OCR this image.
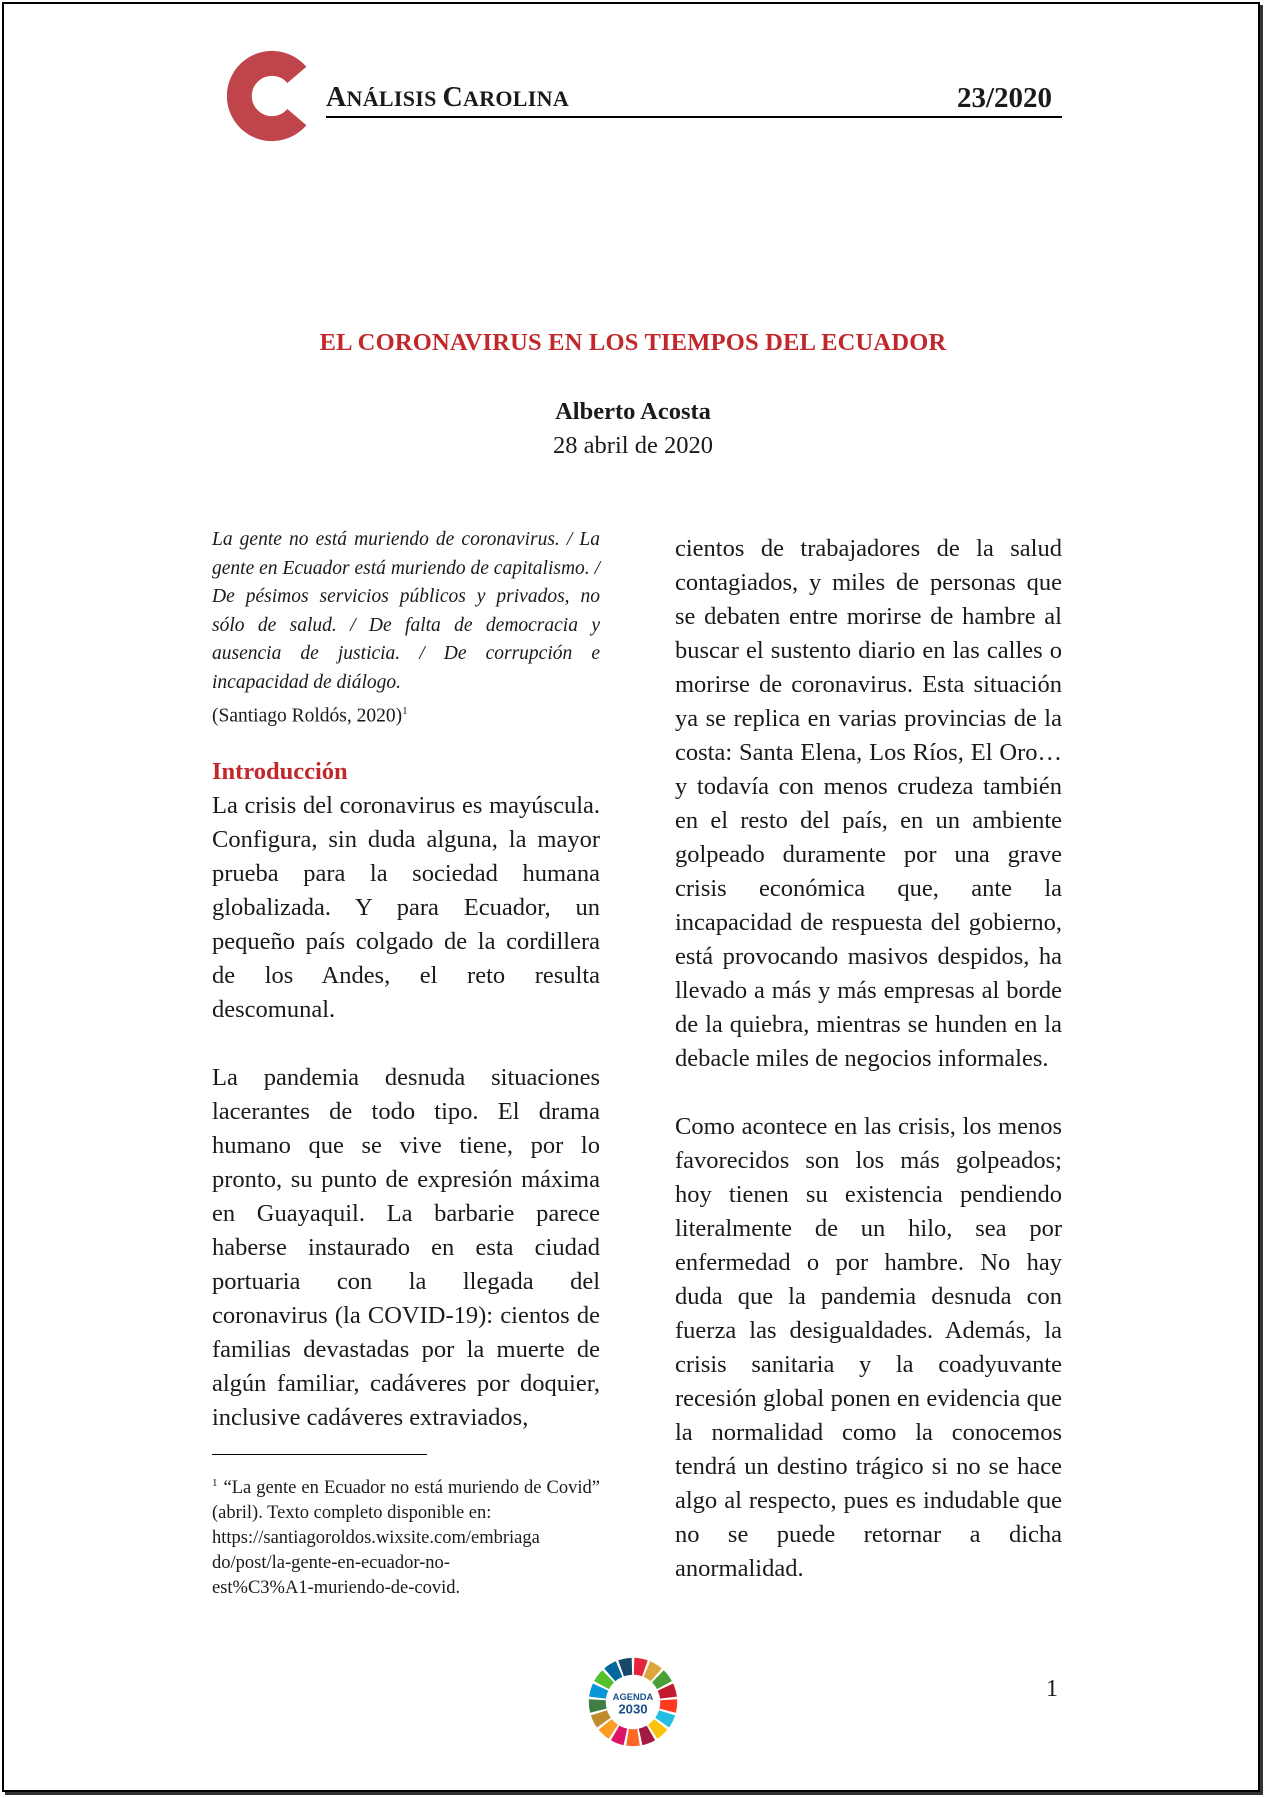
ANÁLISIS CAROLINA	23/2020
EL CORONAVIRUS EN LOS TIEMPOS DEL ECUADOR
Alberto Acosta
28 abril de 2020
La gente no está muriendo de coronavirus. / La gente en Ecuador está muriendo de capitalismo. / De pésimos servicios públicos y privados, no sólo de salud. / De falta de democracia y ausencia de justicia. / De corrupción e incapacidad de diálogo.
(Santiago Roldós, 2020)$^1$
Introducción

La crisis del coronavirus es mayúscula. Configura, sin duda alguna, la mayor prueba para la sociedad humana globalizada. Y para Ecuador, un pequeño país colgado de la cordillera de los Andes, el reto resulta descomunal.

La pandemia desnuda situaciones lacerantes de todo tipo. El drama humano que se vive tiene, por lo pronto, su punto de expresión máxima en Guayaquil. La barbarie parece haberse instaurado en esta ciudad portuaria con la llegada del coronavirus (la COVID-19): cientos de familias devastadas por la muerte de algún familiar, cadáveres por doquier, inclusive cadáveres extraviados,

cientos de trabajadores de la salud contagiados, y miles de personas que se debaten entre morirse de hambre al buscar el sustento diario en las calles o morirse de coronavirus. Esta situación ya se replica en varias provincias de la costa: Santa Elena, Los Ríos, El Oro… y todavía con menos crudeza también en el resto del país, en un ambiente golpeado duramente por una grave crisis económica que, ante la incapacidad de respuesta del gobierno, está provocando masivos despidos, ha llevado a más y más empresas al borde de la quiebra, mientras se hunden en la debacle miles de negocios informales.

Como acontece en las crisis, los menos favorecidos son los más golpeados; hoy tienen su existencia pendiendo literalmente de un hilo, sea por enfermedad o por hambre. No hay duda que la pandemia desnuda con fuerza las desigualdades. Además, la crisis sanitaria y la coadyuvante recesión global ponen en evidencia que la normalidad como la conocemos tendrá un destino trágico si no se hace algo al respecto, pues es indudable que no se puede retornar a dicha anormalidad.

$^1$ “La gente en Ecuador no está muriendo de Covid” (abril). Texto completo disponible en:
https://santiagoroldos.wixsite.com/embriaga
do/post/la-gente-en-ecuador-no-
est%C3%A1-muriendo-de-covid.
AGENDA
2030
1
